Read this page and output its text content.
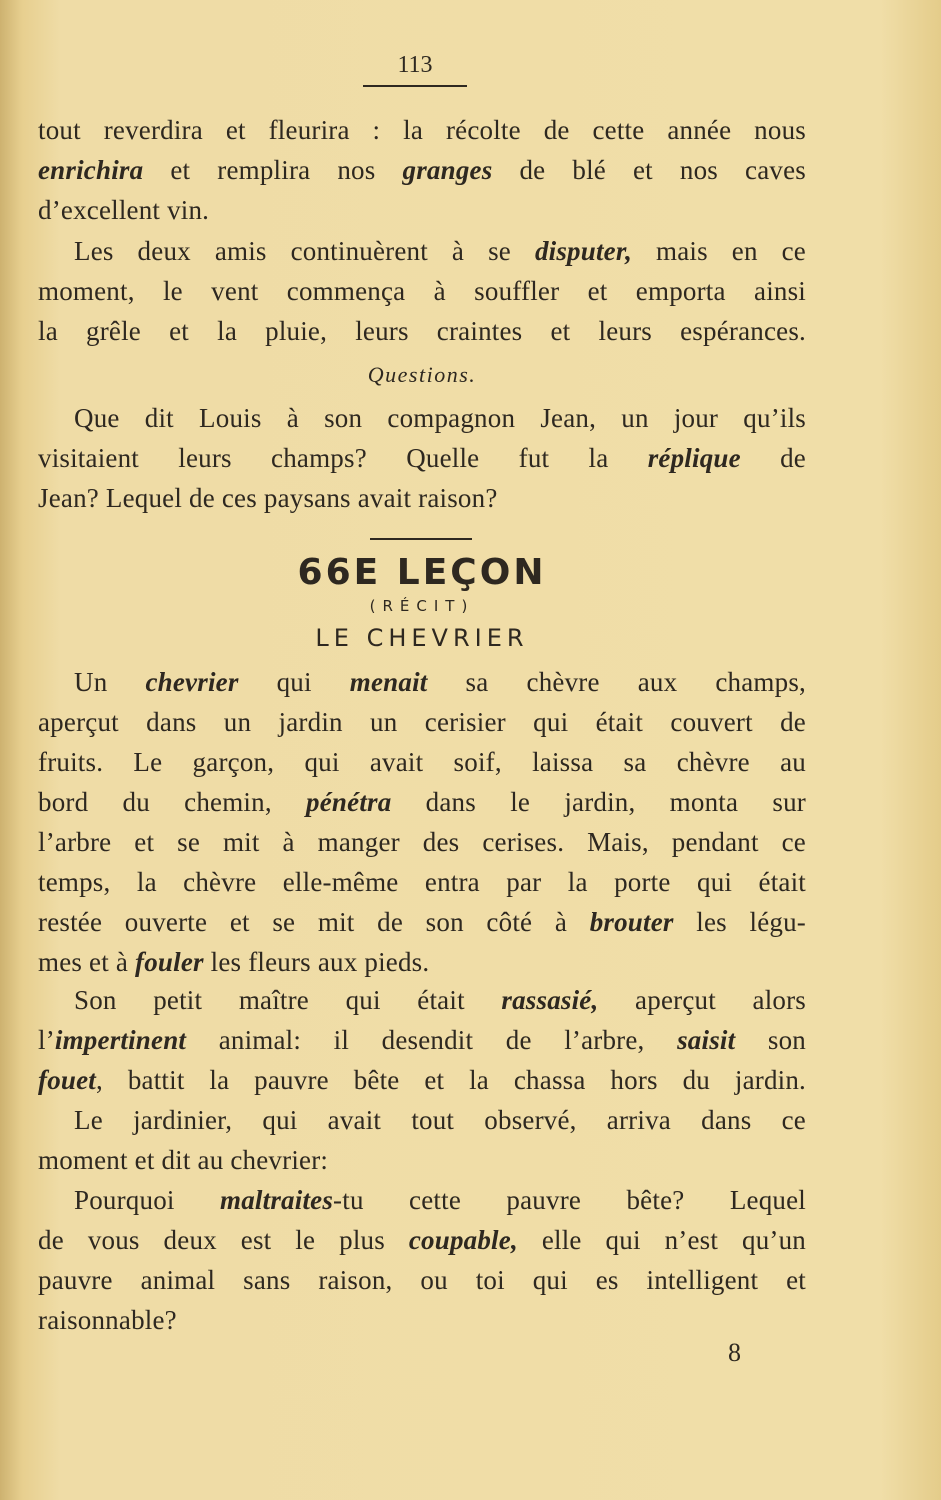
113
tout reverdira et fleurira : la récolte de cette année nous
enrichira et remplira nos granges de blé et nos caves
d’excellent vin.
Les deux amis continuèrent à se disputer, mais en ce
moment, le vent commença à souffler et emporta ainsi
la grêle et la pluie, leurs craintes et leurs espérances.
Questions.
Que dit Louis à son compagnon Jean, un jour qu’ils
visitaient leurs champs? Quelle fut la réplique de
Jean? Lequel de ces paysans avait raison?
66E LEÇON
(RÉCIT)
LE CHEVRIER
Un chevrier qui menait sa chèvre aux champs,
aperçut dans un jardin un cerisier qui était couvert de
fruits. Le garçon, qui avait soif, laissa sa chèvre au
bord du chemin, pénétra dans le jardin, monta sur
l’arbre et se mit à manger des cerises. Mais, pendant ce
temps, la chèvre elle-même entra par la porte qui était
restée ouverte et se mit de son côté à brouter les légu-
mes et à fouler les fleurs aux pieds.
Son petit maître qui était rassasié, aperçut alors
l’impertinent animal: il desendit de l’arbre, saisit son
fouet, battit la pauvre bête et la chassa hors du jardin.
Le jardinier, qui avait tout observé, arriva dans ce
moment et dit au chevrier:
Pourquoi maltraites-tu cette pauvre bête? Lequel
de vous deux est le plus coupable, elle qui n’est qu’un
pauvre animal sans raison, ou toi qui es intelligent et
raisonnable?
8
